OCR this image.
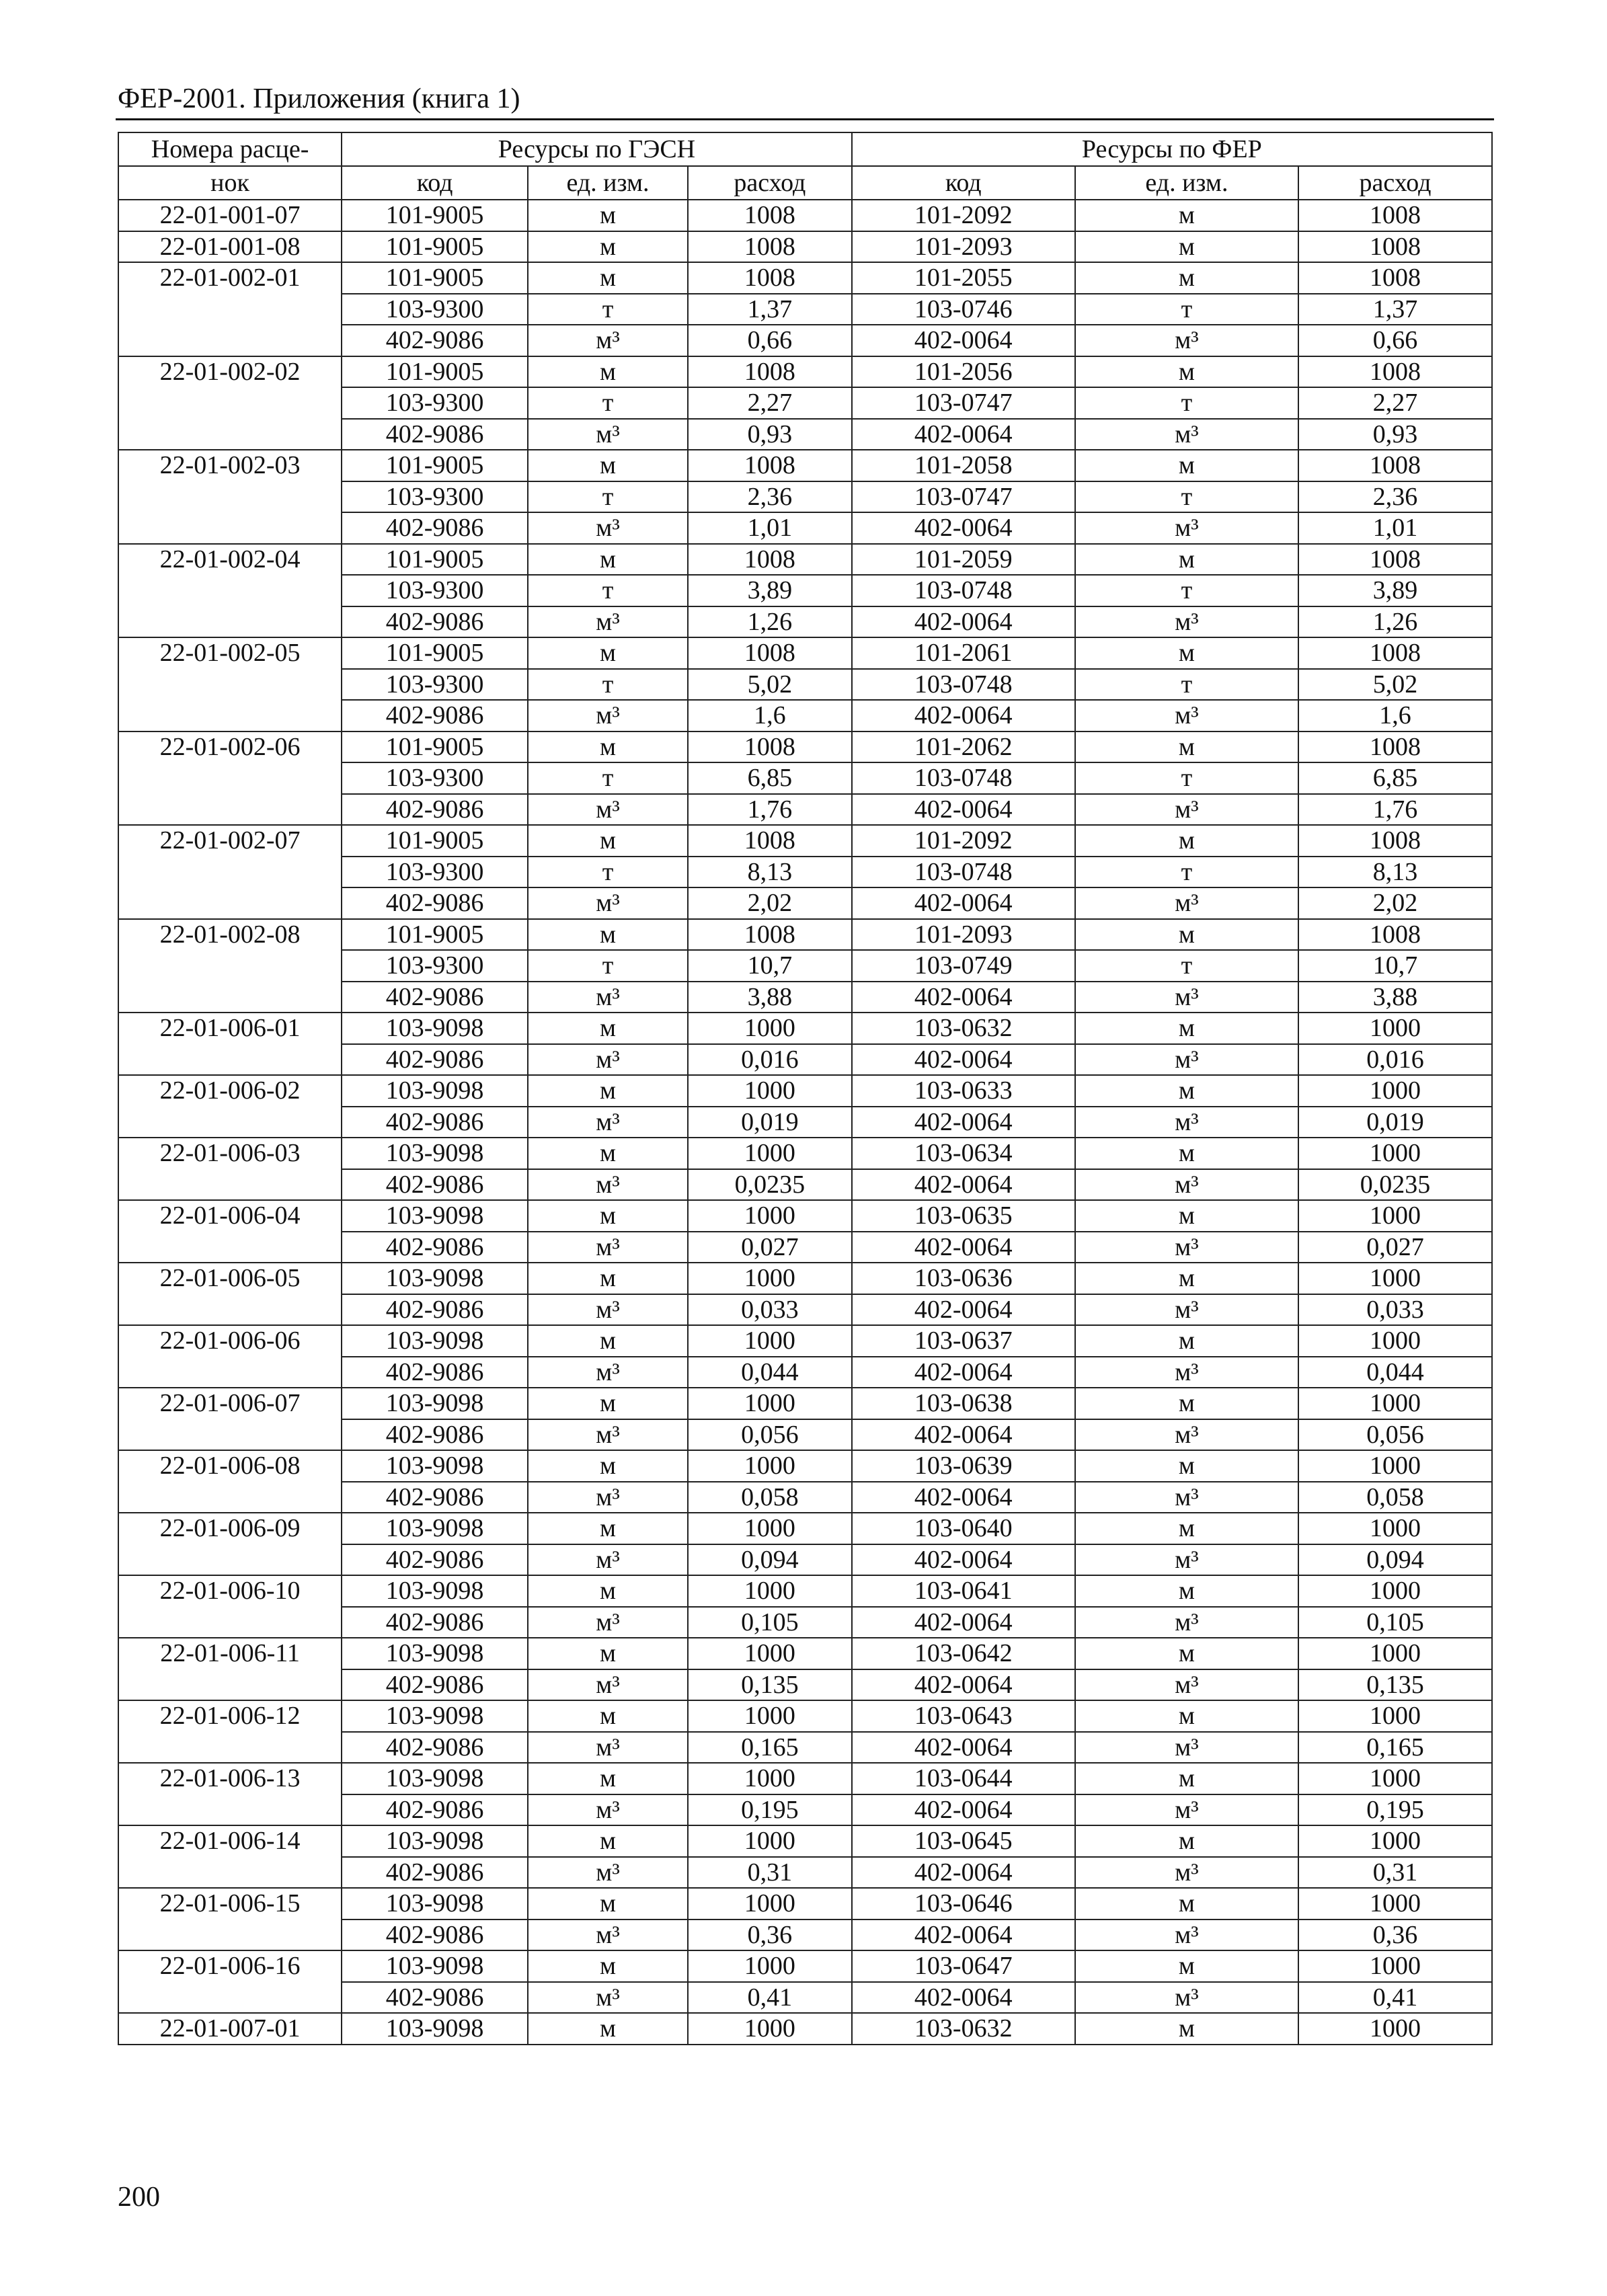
ФЕР-2001. Приложения (книга 1)
Номера расце-	Ресурсы по ГЭСН			Ресурсы по ФЕР		
нок	код	ед. изм.	расход	код	ед. изм.	расход
22-01-001-07	101-9005	м	1008	101-2092	м	1008
22-01-001-08	101-9005	м	1008	101-2093	м	1008
22-01-002-01	101-9005	м	1008	101-2055	м	1008
	103-9300	т	1,37	103-0746	т	1,37
	402-9086	м³	0,66	402-0064	м³	0,66
22-01-002-02	101-9005	м	1008	101-2056	м	1008
	103-9300	т	2,27	103-0747	т	2,27
	402-9086	м³	0,93	402-0064	м³	0,93
22-01-002-03	101-9005	м	1008	101-2058	м	1008
	103-9300	т	2,36	103-0747	т	2,36
	402-9086	м³	1,01	402-0064	м³	1,01
22-01-002-04	101-9005	м	1008	101-2059	м	1008
	103-9300	т	3,89	103-0748	т	3,89
	402-9086	м³	1,26	402-0064	м³	1,26
22-01-002-05	101-9005	м	1008	101-2061	м	1008
	103-9300	т	5,02	103-0748	т	5,02
	402-9086	м³	1,6	402-0064	м³	1,6
22-01-002-06	101-9005	м	1008	101-2062	м	1008
	103-9300	т	6,85	103-0748	т	6,85
	402-9086	м³	1,76	402-0064	м³	1,76
22-01-002-07	101-9005	м	1008	101-2092	м	1008
	103-9300	т	8,13	103-0748	т	8,13
	402-9086	м³	2,02	402-0064	м³	2,02
22-01-002-08	101-9005	м	1008	101-2093	м	1008
	103-9300	т	10,7	103-0749	т	10,7
	402-9086	м³	3,88	402-0064	м³	3,88
22-01-006-01	103-9098	м	1000	103-0632	м	1000
	402-9086	м³	0,016	402-0064	м³	0,016
22-01-006-02	103-9098	м	1000	103-0633	м	1000
	402-9086	м³	0,019	402-0064	м³	0,019
22-01-006-03	103-9098	м	1000	103-0634	м	1000
	402-9086	м³	0,0235	402-0064	м³	0,0235
22-01-006-04	103-9098	м	1000	103-0635	м	1000
	402-9086	м³	0,027	402-0064	м³	0,027
22-01-006-05	103-9098	м	1000	103-0636	м	1000
	402-9086	м³	0,033	402-0064	м³	0,033
22-01-006-06	103-9098	м	1000	103-0637	м	1000
	402-9086	м³	0,044	402-0064	м³	0,044
22-01-006-07	103-9098	м	1000	103-0638	м	1000
	402-9086	м³	0,056	402-0064	м³	0,056
22-01-006-08	103-9098	м	1000	103-0639	м	1000
	402-9086	м³	0,058	402-0064	м³	0,058
22-01-006-09	103-9098	м	1000	103-0640	м	1000
	402-9086	м³	0,094	402-0064	м³	0,094
22-01-006-10	103-9098	м	1000	103-0641	м	1000
	402-9086	м³	0,105	402-0064	м³	0,105
22-01-006-11	103-9098	м	1000	103-0642	м	1000
	402-9086	м³	0,135	402-0064	м³	0,135
22-01-006-12	103-9098	м	1000	103-0643	м	1000
	402-9086	м³	0,165	402-0064	м³	0,165
22-01-006-13	103-9098	м	1000	103-0644	м	1000
	402-9086	м³	0,195	402-0064	м³	0,195
22-01-006-14	103-9098	м	1000	103-0645	м	1000
	402-9086	м³	0,31	402-0064	м³	0,31
22-01-006-15	103-9098	м	1000	103-0646	м	1000
	402-9086	м³	0,36	402-0064	м³	0,36
22-01-006-16	103-9098	м	1000	103-0647	м	1000
	402-9086	м³	0,41	402-0064	м³	0,41
22-01-007-01	103-9098	м	1000	103-0632	м	1000
200
